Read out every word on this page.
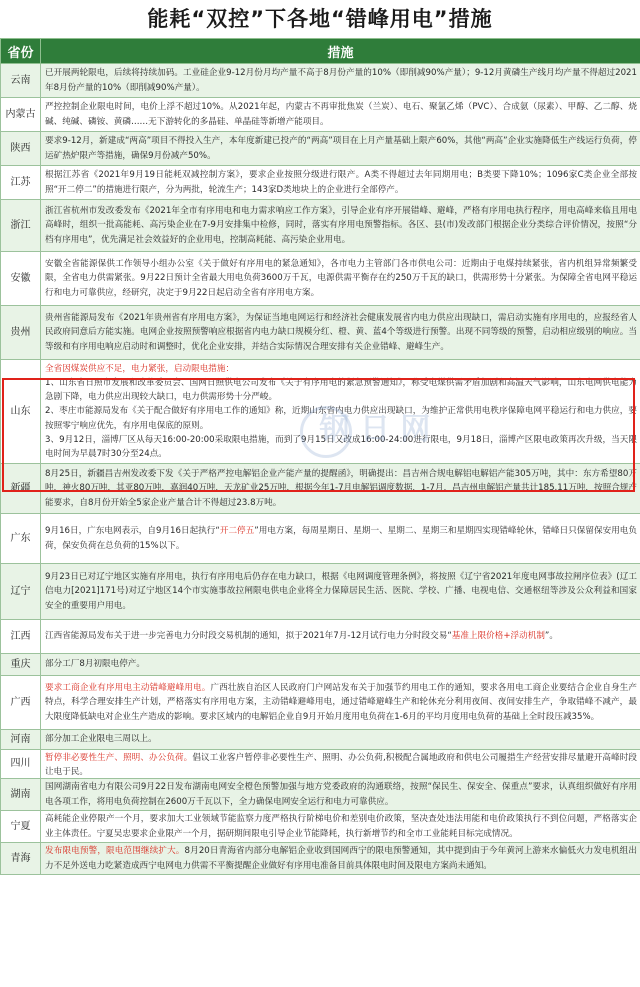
能耗“双控”下各地“错峰用电”措施
省份	措施
云南	已开展两轮限电，后续将持续加码。工业硅企业9-12月份月均产量不高于8月份产量的10%（即削减90%产量）；9-12月黄磷生产线月均产量不得超过2021年8月份产量的10%（即削减90%产量）。

内蒙古	严控控制企业限电时间，电价上浮不超过10%。从2021年起，内蒙古不再审批焦炭（兰炭）、电石、聚氯乙烯（PVC）、合成氨（尿素）、甲醇、乙二醇、烧碱、纯碱、磷铵、黄磷……无下游转化的多晶硅、单晶硅等新增产能项目。

陕西	要求9-12月，新建成“两高”项目不得投入生产，本年度新建已投产的“两高”项目在上月产量基础上限产60%，其他“两高”企业实施降低生产线运行负荷，停运矿热炉限产等措施，确保9月份减产50%。

江苏	根据江苏省《2021年9月19日能耗双减控制方案》，要求企业按照分级进行限产。A类不得超过去年同期用电；B类要下降10%；1096家C类企业全部按照“开二停二”的措施进行限产，分为两批，轮流生产；143家D类地块上的企业进行全部停产。

浙江	浙江省杭州市发改委发布《2021年全市有序用电和电力需求响应工作方案》，引导企业有序开展错峰、避峰，严格有序用电执行程序，用电高峰来临且用电高峰时，组织一批高能耗、高污染企业在7-9月安排集中检修，同时，落实有序用电预警指标。各区、县(市)发改部门根据企业分类综合评价情况，按照“分档有序用电”，优先满足社会效益好的企业用电，控制高耗能、高污染企业用电。

安徽	安徽全省能源保供工作领导小组办公室《关于做好有序用电的紧急通知》，各市电力主管部门各市供电公司：近期由于电煤持续紧张，省内机组异常频繁受限，全省电力供需紧张。9月22日预计全省最大用电负荷3600万千瓦，电源供需平衡存在约250万千瓦的缺口，供需形势十分紧张。为保障全省电网平稳运行和电力可靠供应，经研究，决定于9月22日起启动全省有序用电方案。

贵州	贵州省能源局发布《2021年贵州省有序用电方案》，为保证当地电网运行和经济社会健康发展省内电力供应出现缺口，需启动实施有序用电的，应报经省人民政府同意后方能实施。电网企业按照预警响应根据省内电力缺口规模分红、橙、黄、蓝4个等级进行预警。出现不同等级的预警，启动相应级别的响应。当等级和有序用电响应启动时和调整时，优化企业安排，并结合实际情况合理安排有关企业错峰、避峰生产。

山东	全省因煤炭供应不足，电力紧张，启动限电措施：
1、山东省日照市发展和改革委员会、国网日照供电公司发布《关于有序用电的紧急预警通知》，称受电煤供需矛盾加剧和高温天气影响，山东电网供电能力急剧下降，电力供应出现较大缺口，电力供需形势十分严峻。
2、枣庄市能源局发布《关于配合做好有序用电工作的通知》称，近期山东省内电力供应出现缺口，为维护正常供用电秩序保障电网平稳运行和电力供应，要按照零宁响应优先，有序用电保底的原则。
3、9月12日，淄博厂区从每天16:00-20:00采取限电措施，而到了9月15日又改成16:00-24:00进行限电，9月18日，淄博产区限电政策再次升级，当天限电时间为早晨7时30分至24点。

新疆	8月25日，新疆昌吉州发改委下发《关于严格严控电解铝企业产能产量的提醒函》，明确提出：昌吉州合规电解铝电解铝产能305万吨，其中：东方希望80万吨，神火80万吨，其亚80万吨，嘉润40万吨，天龙矿业25万吨，根据今年1-7月电解铝调度数据，1-7月，昌吉州电解铝产量共计185.11万吨，按照合规产能要求，自8月份开始全5家企业产量合计不得超过23.8万吨。

广东	9月16日，广东电网表示，自9月16日起执行“开二停五”用电方案，每周星期日、星期一、星期二、星期三和星期四实现错峰轮休，错峰日只保留保安用电负荷，保安负荷在总负荷的15%以下。

辽宁	9月23日已对辽宁地区实施有序用电，执行有序用电后仍存在电力缺口，根据《电网调度管理条例》，将按照《辽宁省2021年度电网事故拉闸序位表》(辽工信电力[2021]171号)对辽宁地区14个市实施事故拉闸限电供电企业将全力保障居民生活、医院、学校、广播、电视电信、交通枢纽等涉及公众利益和国家安全的重要用户用电。

江西	江西省能源局发布关于进一步完善电力分时段交易机制的通知，拟于2021年7月-12月试行电力分时段交易“基准上限价格+浮动机制”。

重庆	部分工厂8月初限电停产。

广西	要求工商企业有序用电主动错峰避峰用电。广西壮族自治区人民政府门户网站发布关于加强节约用电工作的通知，要求各用电工商企业要结合企业自身生产特点，科学合理安排生产计划，严格落实有序用电方案，主动错峰避峰用电，通过错峰避峰生产和轮休充分利用夜间、夜间安排生产，争取错峰不减产，最大限度降低缺电对企业生产造成的影响。要求区域内的电解铝企业自9月开始月度用电负荷在1-6月的平均月度用电负荷的基础上全时段压减35%。

河南	部分加工企业限电三周以上。

四川	暂停非必要性生产、照明、办公负荷。倡议工业客户暂停非必要性生产、照明、办公负荷,积极配合属地政府和供电公司履措生产经营安排尽量避开高峰时段让电于民。

湖南	国网湖南省电力有限公司9月22日发布湖南电网安全橙色预警加强与地方党委政府的沟通联络，按照“保民生、保安全、保重点”要求，认真组织做好有序用电各项工作，将用电负荷控制在2600万千瓦以下，全力确保电网安全运行和电力可靠供应。

宁夏	高耗能企业停限产一个月，要求加大工业领域节能监察力度严格执行阶梯电价和差别电价政策，坚决查处违法用能和电价政策执行不到位问题，严格落实企业主体责任。宁夏吴忠要求企业限产一个月，据研期间限电引导企业节能降耗，执行新增节约和全市工业能耗目标完成情况。

青海	发布限电预警，限电范围继续扩大。8月20日青海省内部分电解铝企业收到国网西宁的限电预警通知，其中提到由于今年黄河上游来水偏低火力发电机组出力不足外送电力吃紧造成西宁电网电力供需不平衡提醒企业做好有序用电准备目前具体限电时间及限电方案尚未通知。
钢 日 网
